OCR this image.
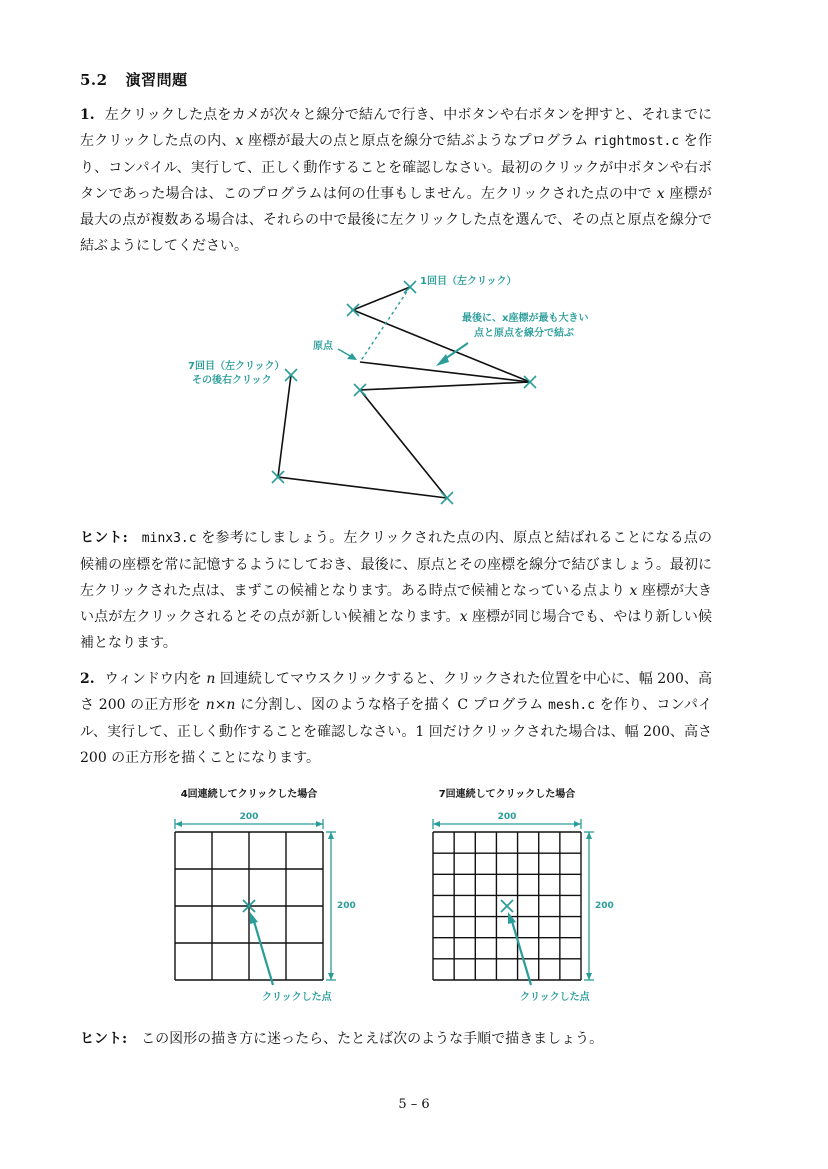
5.2 演習問題
1. 左クリックした点をカメが次々と線分で結んで行き、中ボタンや右ボタンを押すと、それまでに左クリックした点の内、x 座標が最大の点と原点を線分で結ぶようなプログラム rightmost.c を作り、コンパイル、実行して、正しく動作することを確認しなさい。最初のクリックが中ボタンや右ボタンであった場合は、このプログラムは何の仕事もしません。左クリックされた点の中で x 座標が最大の点が複数ある場合は、それらの中で最後に左クリックした点を選んで、その点と原点を線分で結ぶようにしてください。
1回目（左クリック）
最後に、x座標が最も大きい
点と原点を線分で結ぶ
原点
7回目（左クリック）
その後右クリック
ヒント: minx3.c を参考にしましょう。左クリックされた点の内、原点と結ばれることになる点の候補の座標を常に記憶するようにしておき、最後に、原点とその座標を線分で結びましょう。最初に左クリックされた点は、まずこの候補となります。ある時点で候補となっている点より x 座標が大きい点が左クリックされるとその点が新しい候補となります。x 座標が同じ場合でも、やはり新しい候補となります。
2. ウィンドウ内を n 回連続してマウスクリックすると、クリックされた位置を中心に、幅 200、高さ 200 の正方形を n×n に分割し、図のような格子を描く C プログラム mesh.c を作り、コンパイル、実行して、正しく動作することを確認しなさい。1 回だけクリックされた場合は、幅 200、高さ 200 の正方形を描くことになります。
4回連続してクリックした場合
200
200
クリックした点
7回連続してクリックした場合
200
200
クリックした点
ヒント: この図形の描き方に迷ったら、たとえば次のような手順で描きましょう。
5 – 6
